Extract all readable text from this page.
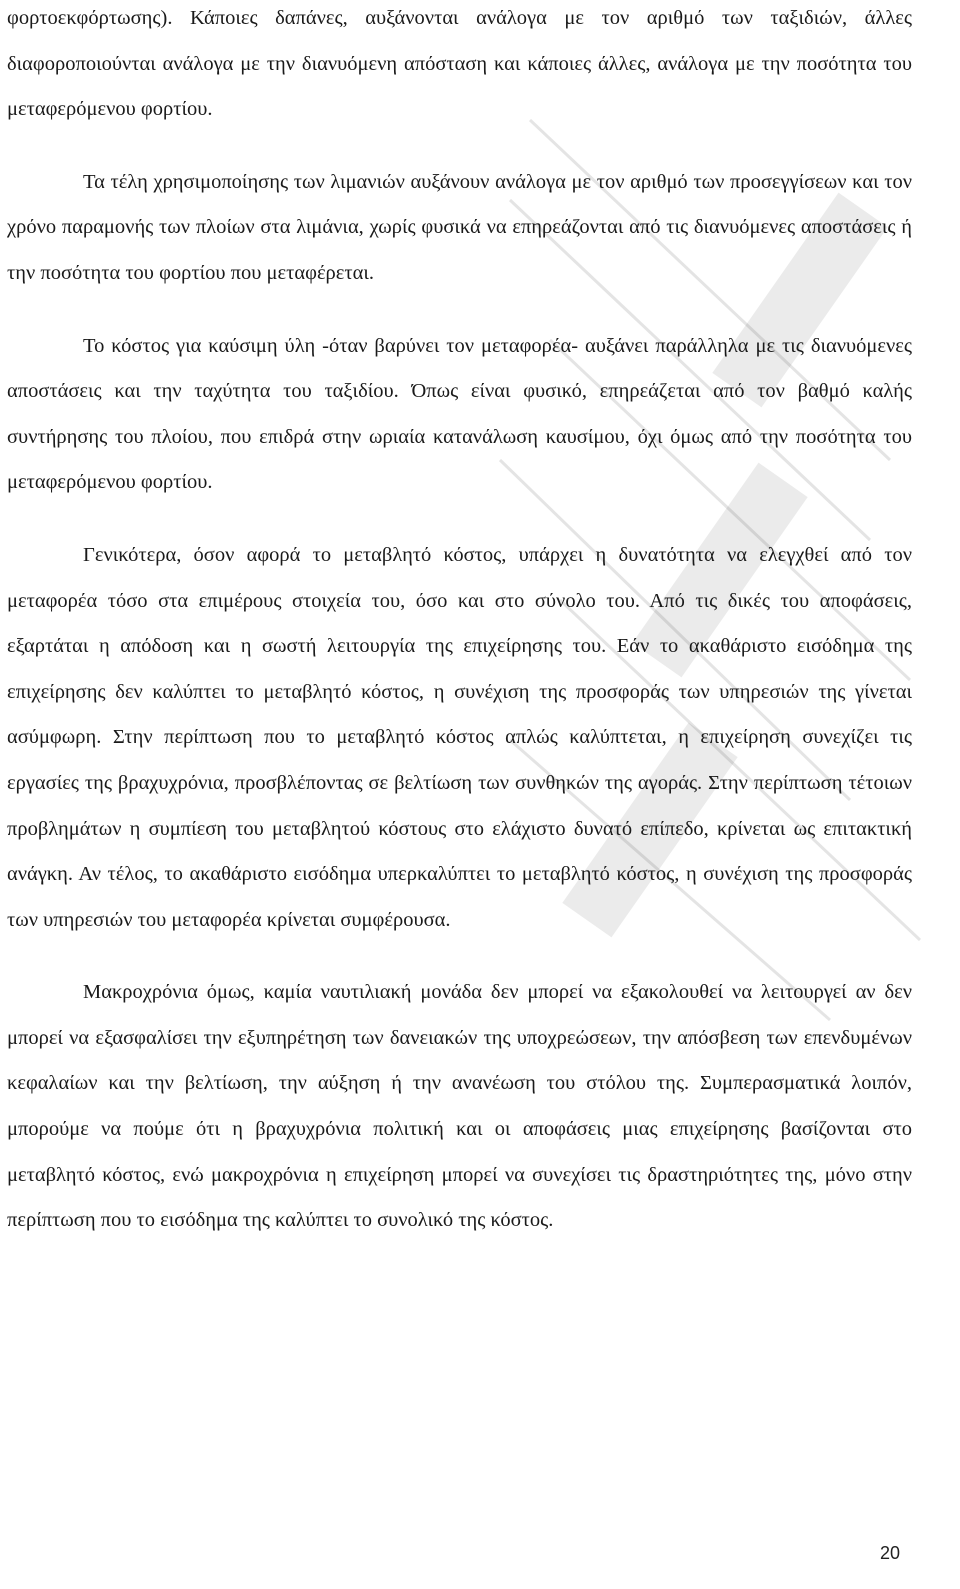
φορτοεκφόρτωσης). Κάποιες δαπάνες, αυξάνονται ανάλογα με τον αριθμό των ταξιδιών, άλλες διαφοροποιούνται ανάλογα με την διανυόμενη απόσταση και κάποιες άλλες, ανάλογα με την ποσότητα του μεταφερόμενου φορτίου.

Τα τέλη χρησιμοποίησης των λιμανιών αυξάνουν ανάλογα με τον αριθμό των προσεγγίσεων και τον χρόνο παραμονής των πλοίων στα λιμάνια, χωρίς φυσικά να επηρεάζονται από τις διανυόμενες αποστάσεις ή την ποσότητα του φορτίου που μεταφέρεται.

Το κόστος για καύσιμη ύλη -όταν βαρύνει τον μεταφορέα- αυξάνει παράλληλα με τις διανυόμενες αποστάσεις και την ταχύτητα του ταξιδίου. Όπως είναι φυσικό, επηρεάζεται από τον βαθμό καλής συντήρησης του πλοίου, που επιδρά στην ωριαία κατανάλωση καυσίμου, όχι όμως από την ποσότητα του μεταφερόμενου φορτίου.

Γενικότερα, όσον αφορά το μεταβλητό κόστος, υπάρχει η δυνατότητα να ελεγχθεί από τον μεταφορέα τόσο στα επιμέρους στοιχεία του, όσο και στο σύνολο του. Από τις δικές του αποφάσεις, εξαρτάται η απόδοση και η σωστή λειτουργία της επιχείρησης του. Εάν το ακαθάριστο εισόδημα της επιχείρησης δεν καλύπτει το μεταβλητό κόστος, η συνέχιση της προσφοράς των υπηρεσιών της γίνεται ασύμφωρη. Στην περίπτωση που το μεταβλητό κόστος απλώς καλύπτεται, η επιχείρηση συνεχίζει τις εργασίες της βραχυχρόνια, προσβλέποντας σε βελτίωση των συνθηκών της αγοράς. Στην περίπτωση τέτοιων προβλημάτων η συμπίεση του μεταβλητού κόστους στο ελάχιστο δυνατό επίπεδο, κρίνεται ως επιτακτική ανάγκη. Αν τέλος, το ακαθάριστο εισόδημα υπερκαλύπτει το μεταβλητό κόστος, η συνέχιση της προσφοράς των υπηρεσιών του μεταφορέα κρίνεται συμφέρουσα.

Μακροχρόνια όμως, καμία ναυτιλιακή μονάδα δεν μπορεί να εξακολουθεί να λειτουργεί αν δεν μπορεί να εξασφαλίσει την εξυπηρέτηση των δανειακών της υποχρεώσεων, την απόσβεση των επενδυμένων κεφαλαίων και την βελτίωση, την αύξηση ή την ανανέωση του στόλου της. Συμπερασματικά λοιπόν, μπορούμε να πούμε ότι η βραχυχρόνια πολιτική και οι αποφάσεις μιας επιχείρησης βασίζονται στο μεταβλητό κόστος, ενώ μακροχρόνια η επιχείρηση μπορεί να συνεχίσει τις δραστηριότητες της, μόνο στην περίπτωση που το εισόδημα της καλύπτει το συνολικό της κόστος.

20
